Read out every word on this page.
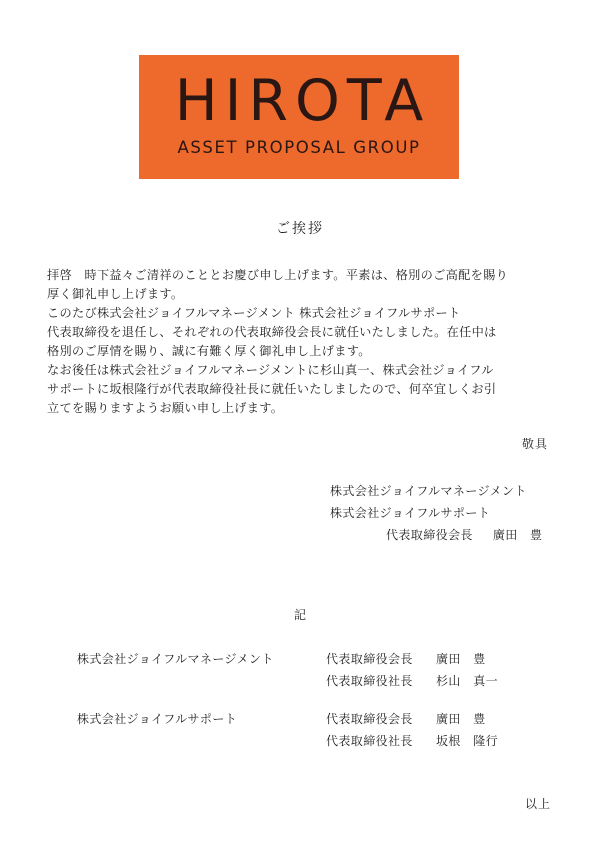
HIROTA
ASSET PROPOSAL GROUP
ご挨拶
拝啓　時下益々ご清祥のこととお慶び申し上げます。平素は、格別のご高配を賜り
厚く御礼申し上げます。
このたび株式会社ジョイフルマネージメント 株式会社ジョイフルサポート
代表取締役を退任し、それぞれの代表取締役会長に就任いたしました。在任中は
格別のご厚情を賜り、誠に有難く厚く御礼申し上げます。
なお後任は株式会社ジョイフルマネージメントに杉山真一、株式会社ジョイフル
サポートに坂根隆行が代表取締役社長に就任いたしましたので、何卒宜しくお引
立てを賜りますようお願い申し上げます。
敬具
株式会社ジョイフルマネージメント
株式会社ジョイフルサポート
代表取締役会長 廣田　豊
記
株式会社ジョイフルマネージメント	代表取締役会長 廣田　豊
代表取締役社長 杉山　真一
株式会社ジョイフルサポート	代表取締役会長 廣田　豊
代表取締役社長 坂根　隆行
以上
